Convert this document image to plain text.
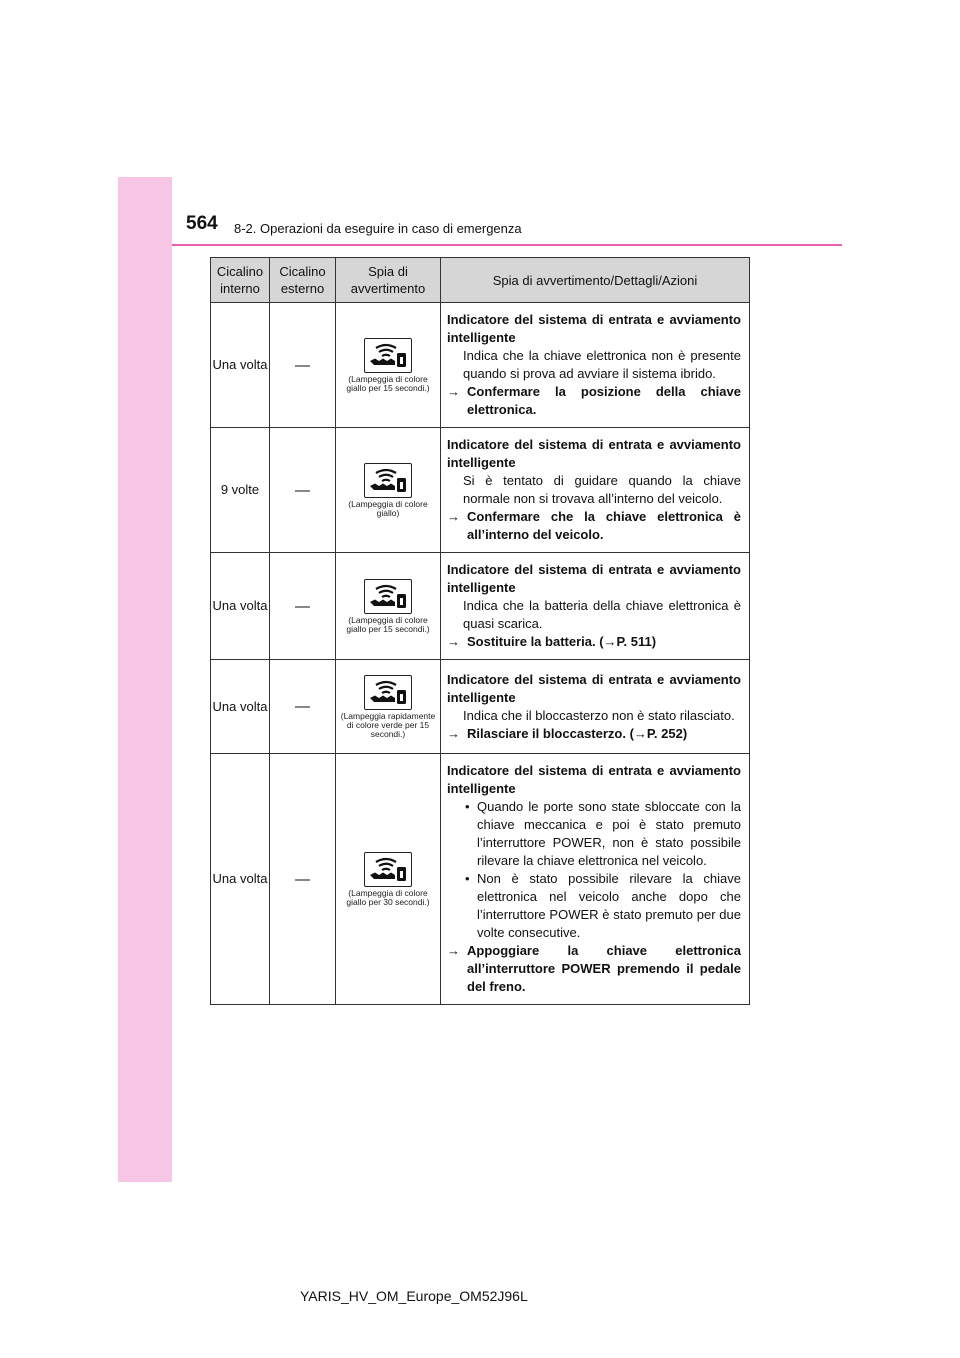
564 8-2. Operazioni da eseguire in caso di emergenza
Cicalino interno	Cicalino esterno	Spia di avvertimento	Spia di avvertimento/Dettagli/Azioni
Una volta	—	(Lampeggia di colore giallo per 15 secondi.)	Indicatore del sistema di entrata e avviamento intelligente
Indica che la chiave elettronica non è presente quando si prova ad avviare il sistema ibrido.
→ Confermare la posizione della chiave elettronica.

9 volte	—	(Lampeggia di colore giallo)	Indicatore del sistema di entrata e avviamento intelligente
Si è tentato di guidare quando la chiave normale non si trovava all’interno del veicolo.
→ Confermare che la chiave elettronica è all’interno del veicolo.

Una volta	—	(Lampeggia di colore giallo per 15 secondi.)	Indicatore del sistema di entrata e avviamento intelligente
Indica che la batteria della chiave elettronica è quasi scarica.
→ Sostituire la batteria. (→P. 511)

Una volta	—	(Lampeggia rapidamente di colore verde per 15 secondi.)	Indicatore del sistema di entrata e avviamento intelligente
Indica che il bloccasterzo non è stato rilasciato.
→ Rilasciare il bloccasterzo. (→P. 252)

Una volta	—	(Lampeggia di colore giallo per 30 secondi.)	Indicatore del sistema di entrata e avviamento intelligente
• Quando le porte sono state sbloccate con la chiave meccanica e poi è stato premuto l’interruttore POWER, non è stato possibile rilevare la chiave elettronica nel veicolo.
• Non è stato possibile rilevare la chiave elettronica nel veicolo anche dopo che l’interruttore POWER è stato premuto per due volte consecutive.
→ Appoggiare la chiave elettronica all’interruttore POWER premendo il pedale del freno.
YARIS_HV_OM_Europe_OM52J96L
